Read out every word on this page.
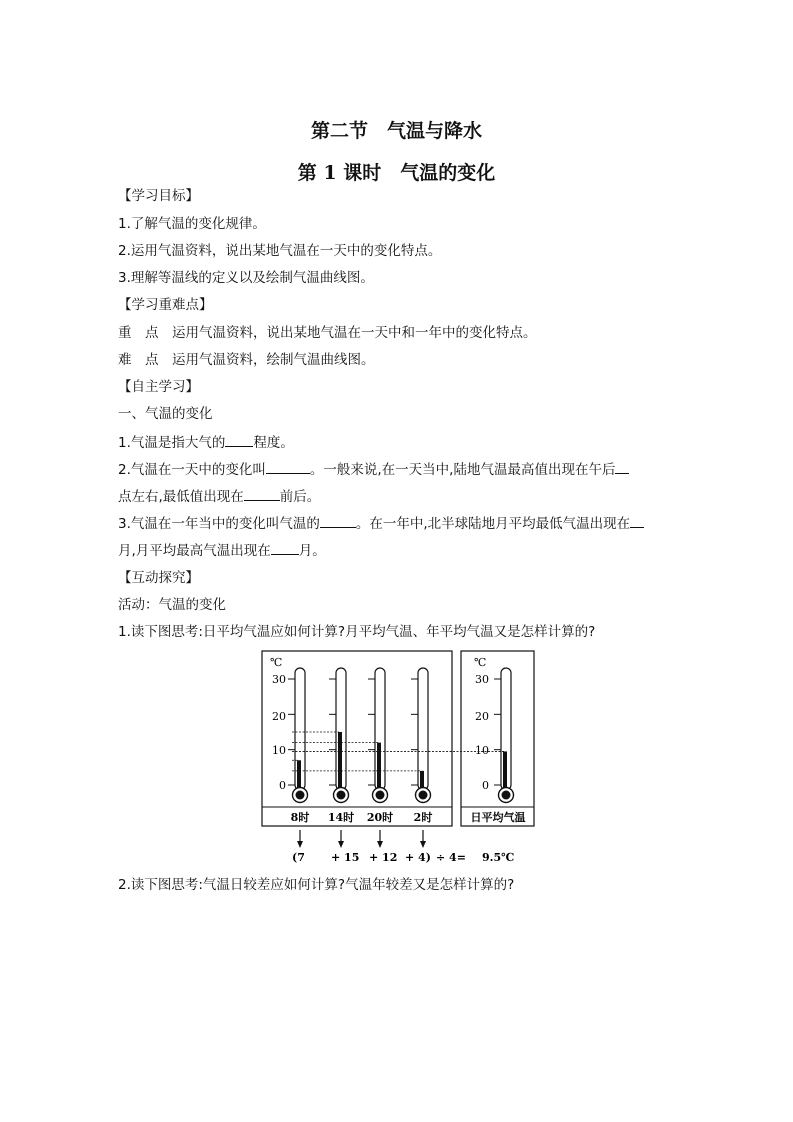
第二节　气温与降水
第 1 课时　气温的变化
【学习目标】
1.了解气温的变化规律。
2.运用气温资料，说出某地气温在一天中的变化特点。
3.理解等温线的定义以及绘制气温曲线图。
【学习重难点】
重　点　运用气温资料，说出某地气温在一天中和一年中的变化特点。
难　点　运用气温资料，绘制气温曲线图。
【自主学习】
一、气温的变化
1.气温是指大气的 程度。
2.气温在一天中的变化叫	。一般来说,在一天当中,陆地气温最高值出现在午后
点左右,最低值出现在	前后。
3.气温在一年当中的变化叫气温的	。在一年中,北半球陆地月平均最低气温出现在
月,月平均最高气温出现在 月。
【互动探究】
活动：气温的变化
1.读下图思考:日平均气温应如何计算?月平均气温、年平均气温又是怎样计算的?
℃	℃
30
20
10
0
30
20
10
0
8时 14时 20时 2时	日平均气温
(7 + 15 + 12 + 4) ÷ 4= 9.5℃
2.读下图思考:气温日较差应如何计算?气温年较差又是怎样计算的?
